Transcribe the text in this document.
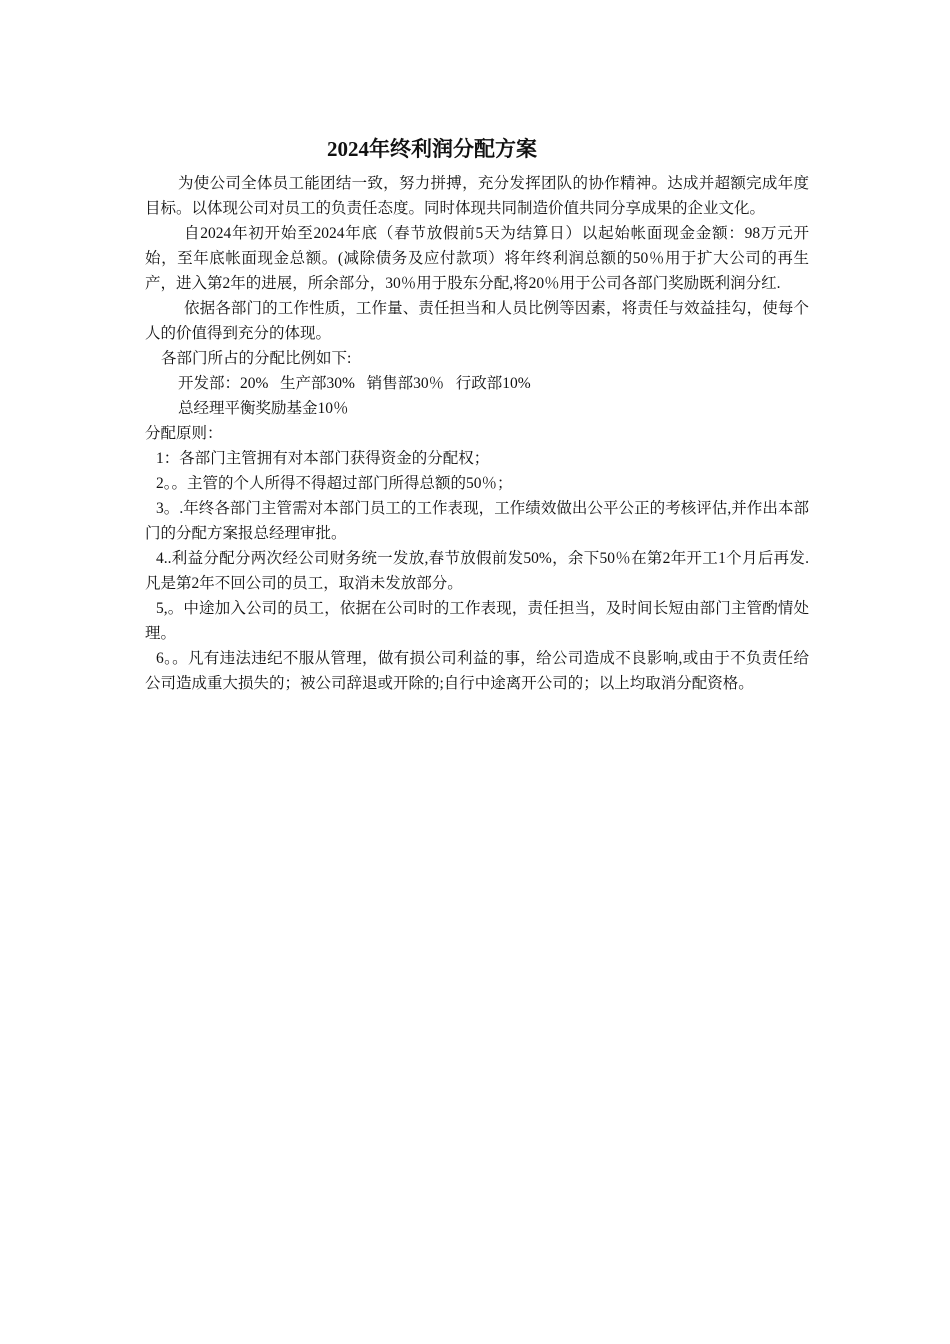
2024年终利润分配方案

为使公司全体员工能团结一致，努力拼搏，充分发挥团队的协作精神。达成并超额完成年度目标。以体现公司对员工的负责任态度。同时体现共同制造价值共同分享成果的企业文化。

自2024年初开始至2024年底（春节放假前5天为结算日）以起始帐面现金金额：98万元开始，至年底帐面现金总额。(减除债务及应付款项）将年终利润总额的50％用于扩大公司的再生产，进入第2年的进展，所余部分，30％用于股东分配,将20％用于公司各部门奖励既利润分红.

依据各部门的工作性质，工作量、责任担当和人员比例等因素，将责任与效益挂勾，使每个人的价值得到充分的体现。

各部门所占的分配比例如下:

开发部：20%   生产部30%   销售部30％   行政部10%

总经理平衡奖励基金10％

分配原则：

1：各部门主管拥有对本部门获得资金的分配权；

2。。主管的个人所得不得超过部门所得总额的50％；

3。.年终各部门主管需对本部门员工的工作表现，工作绩效做出公平公正的考核评估,并作出本部门的分配方案报总经理审批。

4..利益分配分两次经公司财务统一发放,春节放假前发50%，余下50％在第2年开工1个月后再发.凡是第2年不回公司的员工，取消未发放部分。

5,。中途加入公司的员工，依据在公司时的工作表现，责任担当，及时间长短由部门主管酌情处理。

6。。凡有违法违纪不服从管理，做有损公司利益的事，给公司造成不良影响,或由于不负责任给公司造成重大损失的；被公司辞退或开除的;自行中途离开公司的；以上均取消分配资格。
